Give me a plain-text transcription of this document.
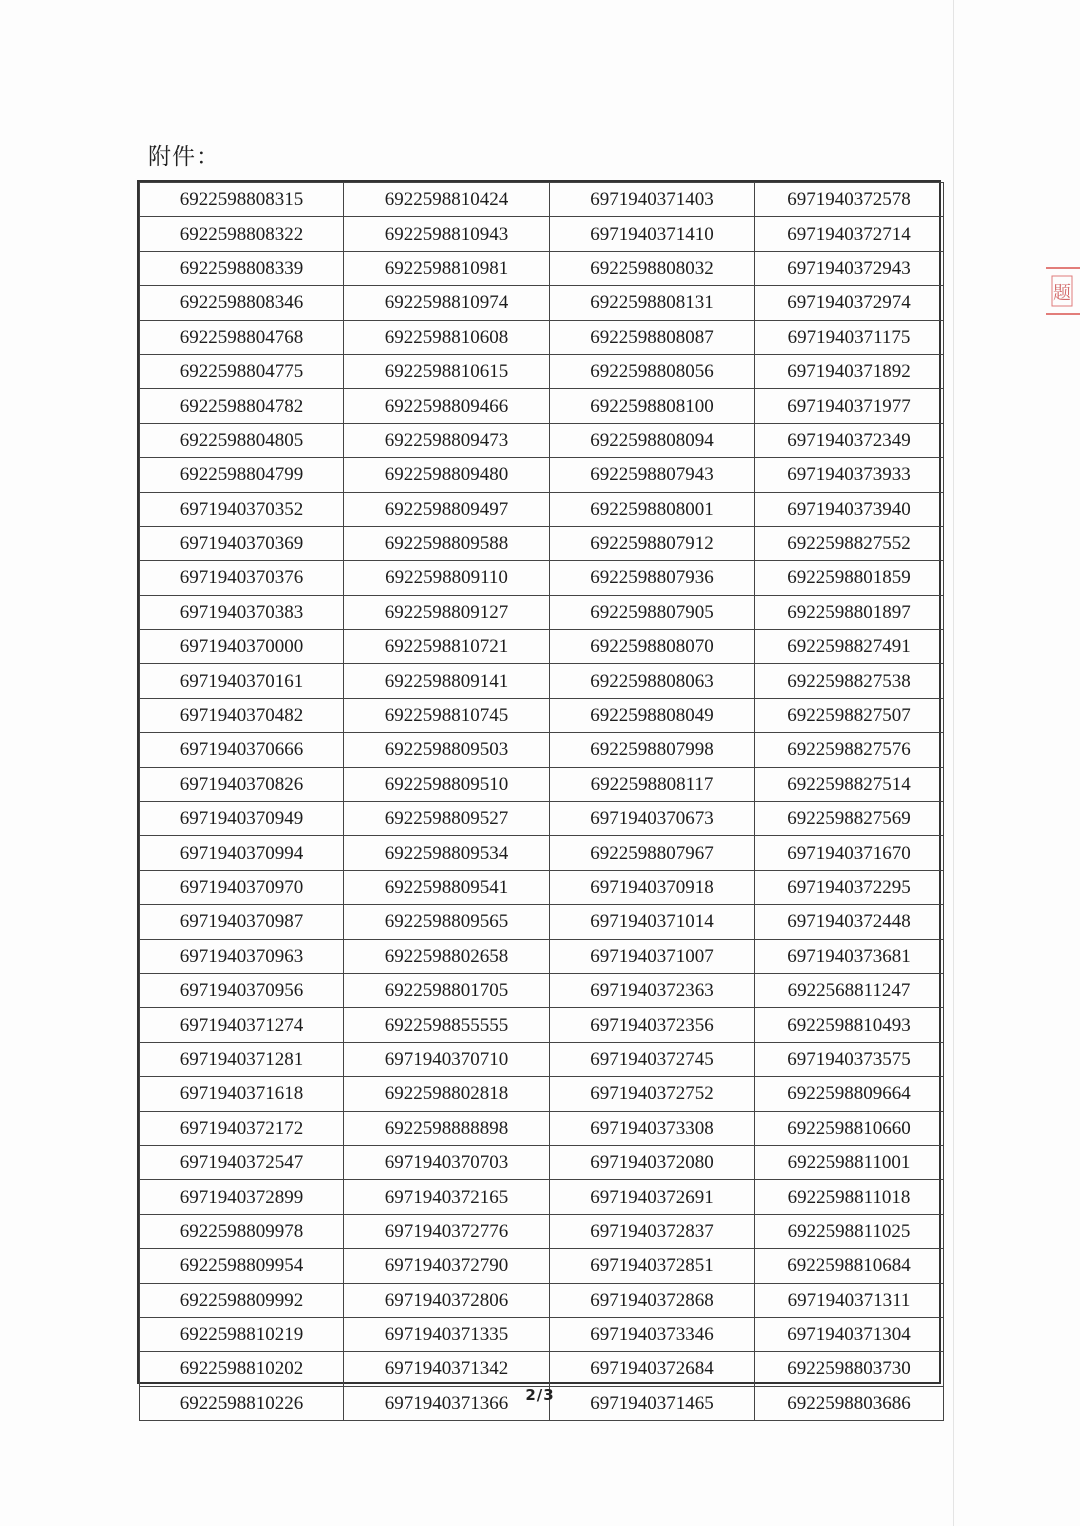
附件：
6922598808315	6922598810424	6971940371403	6971940372578
6922598808322	6922598810943	6971940371410	6971940372714
6922598808339	6922598810981	6922598808032	6971940372943
6922598808346	6922598810974	6922598808131	6971940372974
6922598804768	6922598810608	6922598808087	6971940371175
6922598804775	6922598810615	6922598808056	6971940371892
6922598804782	6922598809466	6922598808100	6971940371977
6922598804805	6922598809473	6922598808094	6971940372349
6922598804799	6922598809480	6922598807943	6971940373933
6971940370352	6922598809497	6922598808001	6971940373940
6971940370369	6922598809588	6922598807912	6922598827552
6971940370376	6922598809110	6922598807936	6922598801859
6971940370383	6922598809127	6922598807905	6922598801897
6971940370000	6922598810721	6922598808070	6922598827491
6971940370161	6922598809141	6922598808063	6922598827538
6971940370482	6922598810745	6922598808049	6922598827507
6971940370666	6922598809503	6922598807998	6922598827576
6971940370826	6922598809510	6922598808117	6922598827514
6971940370949	6922598809527	6971940370673	6922598827569
6971940370994	6922598809534	6922598807967	6971940371670
6971940370970	6922598809541	6971940370918	6971940372295
6971940370987	6922598809565	6971940371014	6971940372448
6971940370963	6922598802658	6971940371007	6971940373681
6971940370956	6922598801705	6971940372363	6922568811247
6971940371274	6922598855555	6971940372356	6922598810493
6971940371281	6971940370710	6971940372745	6971940373575
6971940371618	6922598802818	6971940372752	6922598809664
6971940372172	6922598888898	6971940373308	6922598810660
6971940372547	6971940370703	6971940372080	6922598811001
6971940372899	6971940372165	6971940372691	6922598811018
6922598809978	6971940372776	6971940372837	6922598811025
6922598809954	6971940372790	6971940372851	6922598810684
6922598809992	6971940372806	6971940372868	6971940371311
6922598810219	6971940371335	6971940373346	6971940371304
6922598810202	6971940371342	6971940372684	6922598803730
6922598810226	6971940371366	6971940371465	6922598803686
2/3
题
